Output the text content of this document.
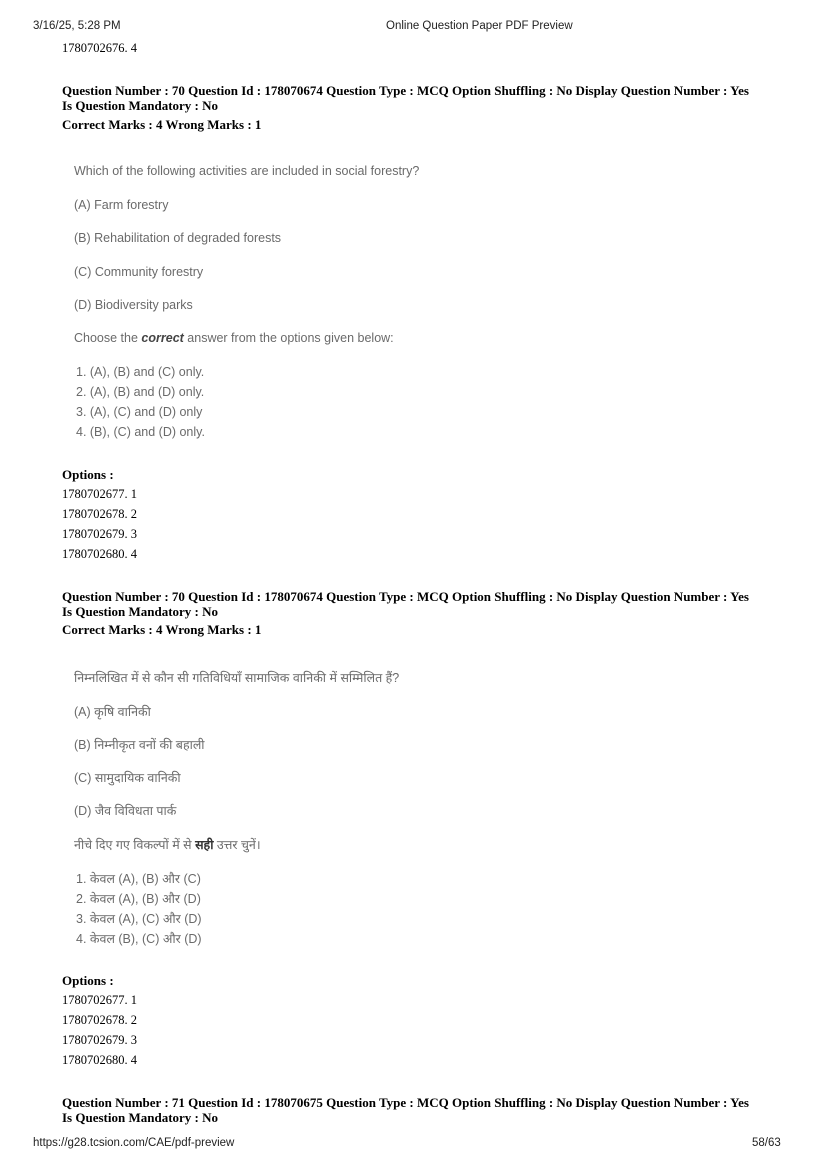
3/16/25, 5:28 PM	Online Question Paper PDF Preview
1780702676. 4
Question Number : 70 Question Id : 178070674 Question Type : MCQ Option Shuffling : No Display Question Number : Yes
Is Question Mandatory : No
Correct Marks : 4 Wrong Marks : 1
Which of the following activities are included in social forestry?
(A) Farm forestry
(B) Rehabilitation of degraded forests
(C) Community forestry
(D) Biodiversity parks
Choose the correct answer from the options given below:
1. (A), (B) and (C) only.
2. (A), (B) and (D) only.
3. (A), (C) and (D) only
4. (B), (C) and (D) only.
Options :
1780702677. 1
1780702678. 2
1780702679. 3
1780702680. 4
Question Number : 70 Question Id : 178070674 Question Type : MCQ Option Shuffling : No Display Question Number : Yes
Is Question Mandatory : No
Correct Marks : 4 Wrong Marks : 1
निम्नलिखित में से कौन सी गतिविधियाँ सामाजिक वानिकी में सम्मिलित हैं?
(A) कृषि वानिकी
(B) निम्नीकृत वनों की बहाली
(C) सामुदायिक वानिकी
(D) जैव विविधता पार्क
नीचे दिए गए विकल्पों में से सही उत्तर चुनें।
1. केवल (A), (B) और (C)
2. केवल (A), (B) और (D)
3. केवल (A), (C) और (D)
4. केवल (B), (C) और (D)
Options :
1780702677. 1
1780702678. 2
1780702679. 3
1780702680. 4
Question Number : 71 Question Id : 178070675 Question Type : MCQ Option Shuffling : No Display Question Number : Yes
Is Question Mandatory : No
https://g28.tcsion.com/CAE/pdf-preview	58/63
